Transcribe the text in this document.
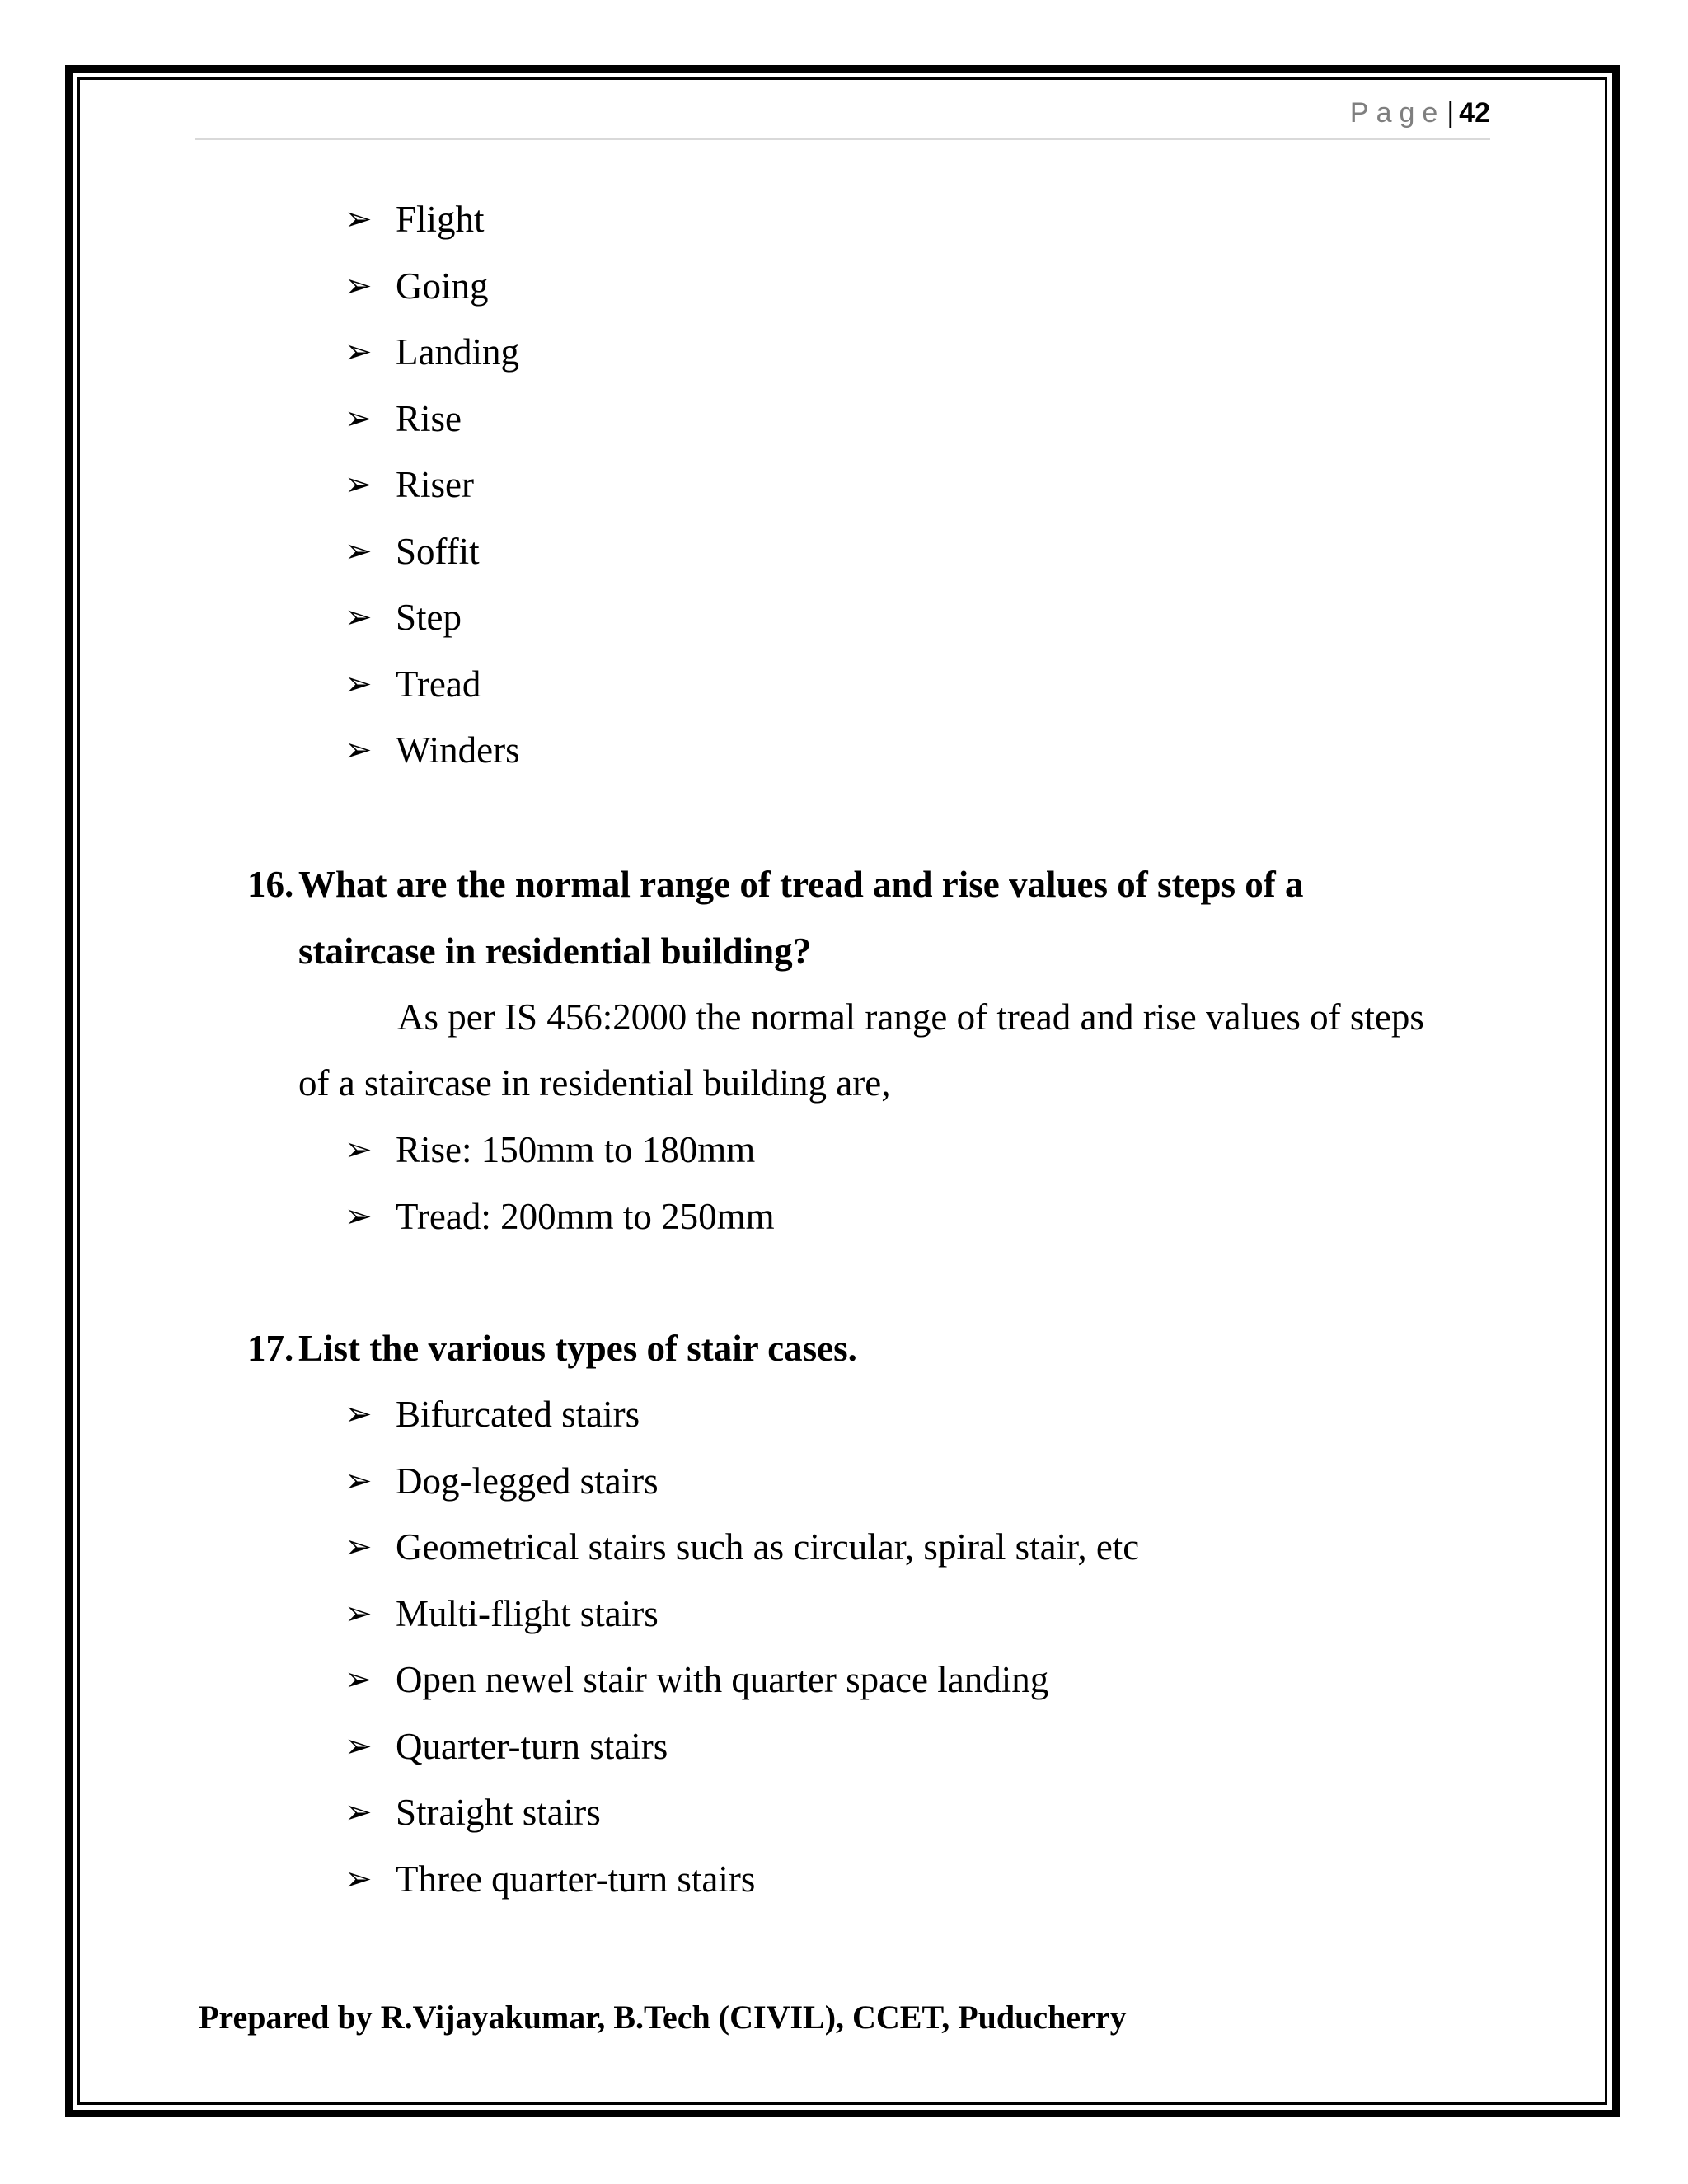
Page| 42
➢ Flight
➢ Going
➢ Landing
➢ Rise
➢ Riser
➢ Soffit
➢ Step
➢ Tread
➢ Winders
16. What are the normal range of tread and rise values of steps of a
staircase in residential building?
As per IS 456:2000 the normal range of tread and rise values of steps
of a staircase in residential building are,
➢ Rise: 150mm to 180mm
➢ Tread: 200mm to 250mm
17. List the various types of stair cases.
➢ Bifurcated stairs
➢ Dog-legged stairs
➢ Geometrical stairs such as circular, spiral stair, etc
➢ Multi-flight stairs
➢ Open newel stair with quarter space landing
➢ Quarter-turn stairs
➢ Straight stairs
➢ Three quarter-turn stairs
Prepared by R.Vijayakumar, B.Tech (CIVIL), CCET, Puducherry
